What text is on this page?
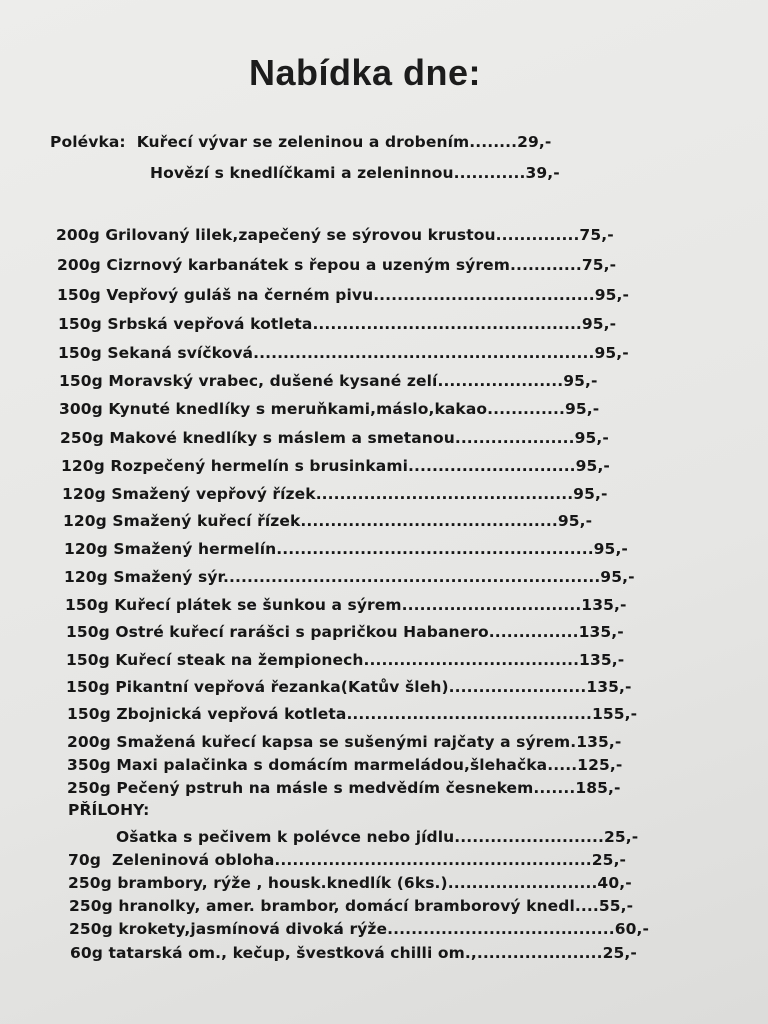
Nabídka dne:
Polévka:  Kuřecí vývar se zeleninou a drobením........29,-
Hovězí s knedlíčkami a zeleninnou............39,-
200g Grilovaný lilek,zapečený se sýrovou krustou..............75,-
200g Cizrnový karbanátek s řepou a uzeným sýrem............75,-
150g Vepřový guláš na černém pivu.....................................95,-
150g Srbská vepřová kotleta.............................................95,-
150g Sekaná svíčková.........................................................95,-
150g Moravský vrabec, dušené kysané zelí.....................95,-
300g Kynuté knedlíky s meruňkami,máslo,kakao.............95,-
250g Makové knedlíky s máslem a smetanou....................95,-
120g Rozpečený hermelín s brusinkami............................95,-
120g Smažený vepřový řízek...........................................95,-
120g Smažený kuřecí řízek...........................................95,-
120g Smažený hermelín.....................................................95,-
120g Smažený sýr...............................................................95,-
150g Kuřecí plátek se šunkou a sýrem..............................135,-
150g Ostré kuřecí rarášci s papričkou Habanero...............135,-
150g Kuřecí steak na žempionech....................................135,-
150g Pikantní vepřová řezanka(Katův šleh).......................135,-
150g Zbojnická vepřová kotleta.........................................155,-
200g Smažená kuřecí kapsa se sušenými rajčaty a sýrem.135,-
350g Maxi palačinka s domácím marmeládou,šlehačka.....125,-
250g Pečený pstruh na másle s medvědím česnekem.......185,-
PŘÍLOHY:
Ošatka s pečivem k polévce nebo jídlu.........................25,-
70g  Zeleninová obloha.....................................................25,-
250g brambory, rýže , housk.knedlík (6ks.).........................40,-
250g hranolky, amer. brambor, domácí bramborový knedl....55,-
250g krokety,jasmínová divoká rýže......................................60,-
60g tatarská om., kečup, švestková chilli om.,.....................25,-
